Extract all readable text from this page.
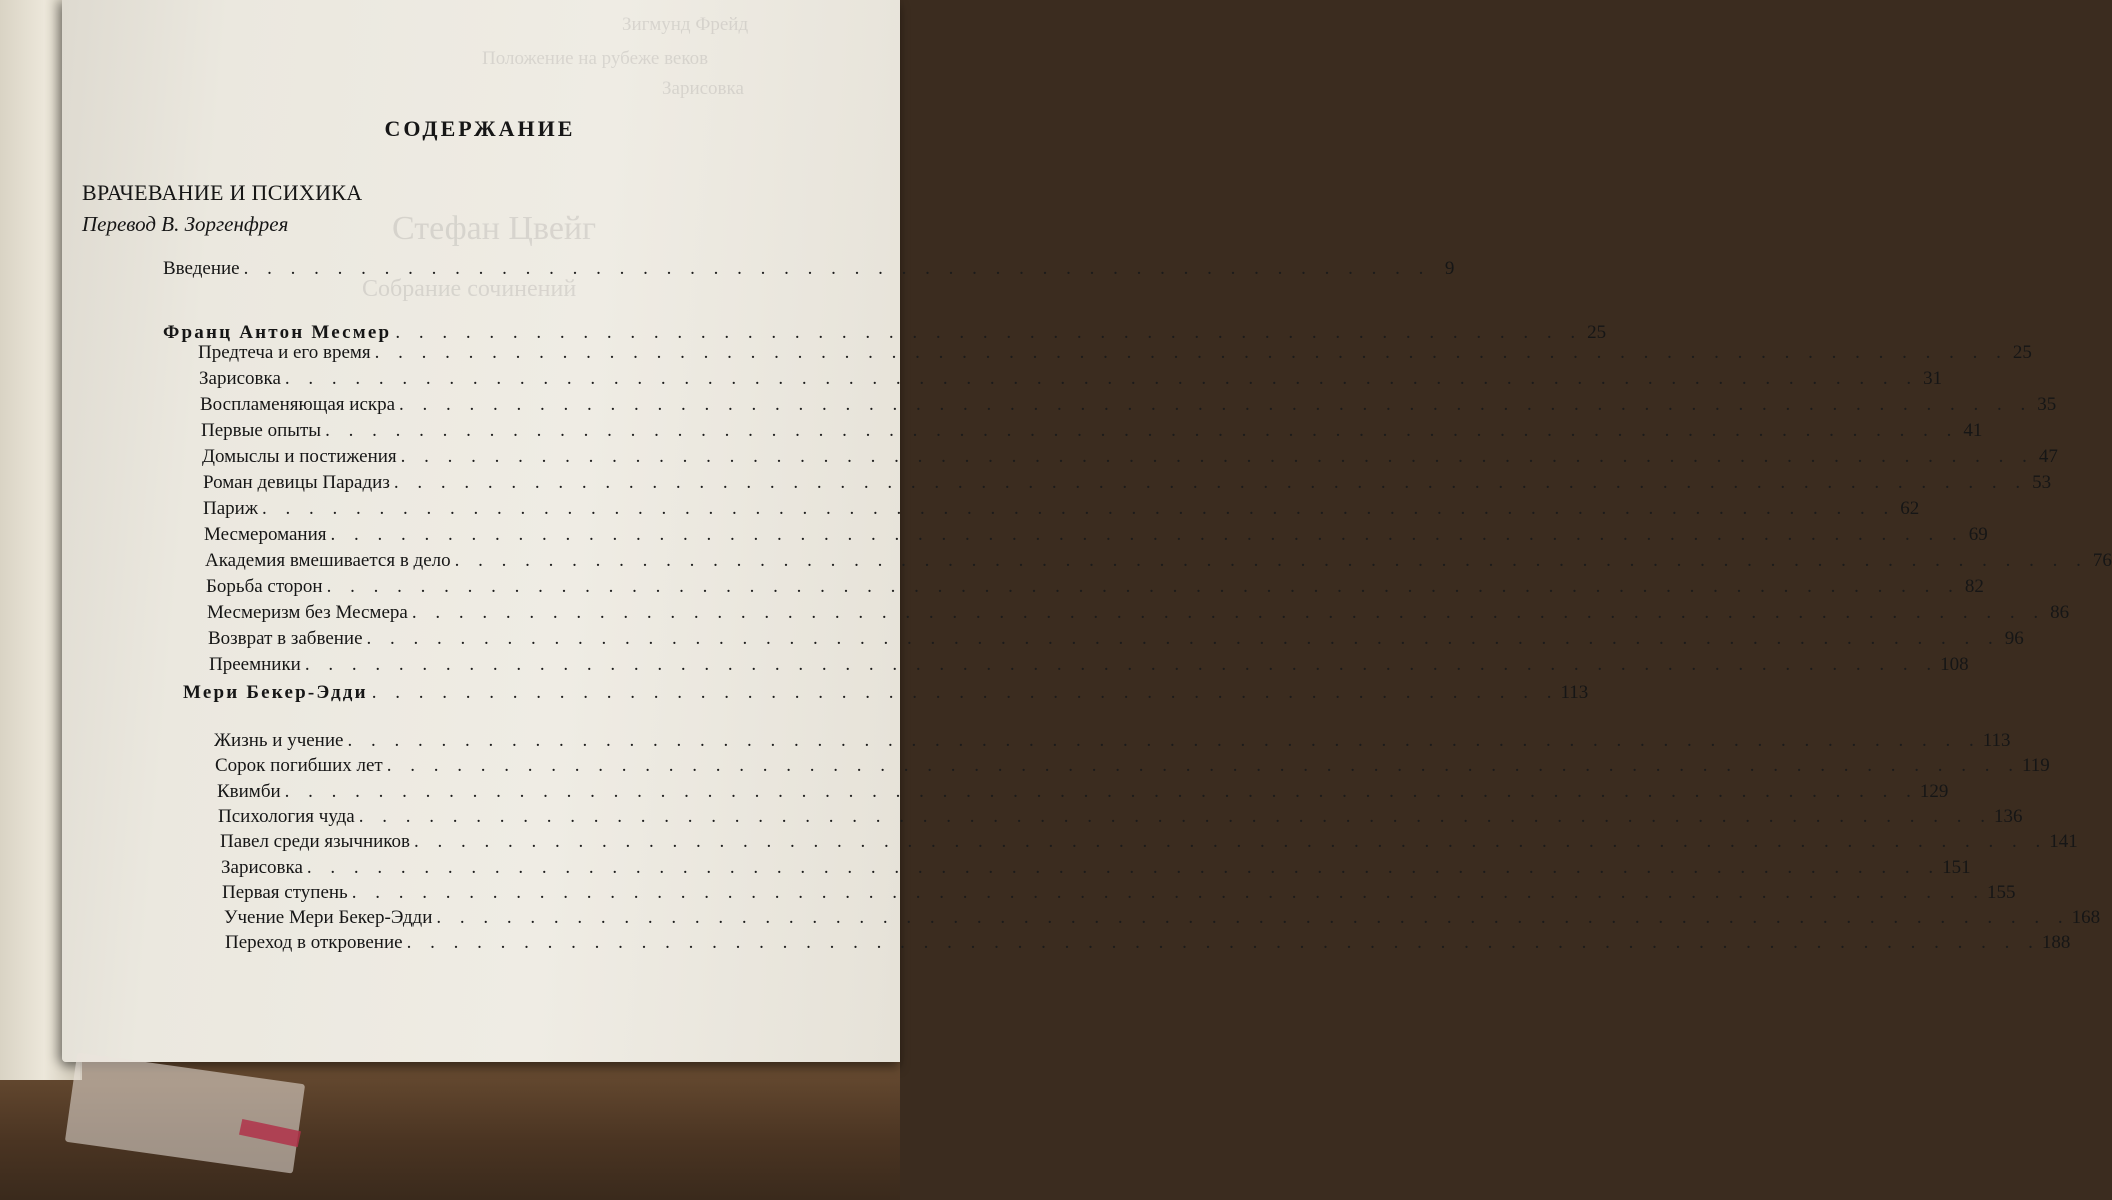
Зигмунд Фрейд
Положение на рубеже веков
Зарисовка
Стефан Цвейг
Собрание сочинений
СОДЕРЖАНИЕ
ВРАЧЕВАНИЕ И ПСИХИКА
Перевод В. Зоргенфрея
Введение . . . . . . . . . . . . . . . . . . . . . . . . . . . . . . . . . . . . . . . . . . . . . . . . . . . 9
Франц Антон Месмер . . . . . . . . . . . . . . . . . . . . . . . . . . . . . . . . . . . . . . . . . . . . . . . . . . . 25
Предтеча и его время . . . . . . . . . . . . . . . . . . . . . . . . . . . . . . . . . . . . . . . . . . . . . . . . . . . . . . . . . . . . . . . . . . . . . . 25
Зарисовка . . . . . . . . . . . . . . . . . . . . . . . . . . . . . . . . . . . . . . . . . . . . . . . . . . . . . . . . . . . . . . . . . . . . . . 31
Воспламеняющая искра . . . . . . . . . . . . . . . . . . . . . . . . . . . . . . . . . . . . . . . . . . . . . . . . . . . . . . . . . . . . . . . . . . . . . . 35
Первые опыты . . . . . . . . . . . . . . . . . . . . . . . . . . . . . . . . . . . . . . . . . . . . . . . . . . . . . . . . . . . . . . . . . . . . . . 41
Домыслы и постижения . . . . . . . . . . . . . . . . . . . . . . . . . . . . . . . . . . . . . . . . . . . . . . . . . . . . . . . . . . . . . . . . . . . . . . 47
Роман девицы Парадиз . . . . . . . . . . . . . . . . . . . . . . . . . . . . . . . . . . . . . . . . . . . . . . . . . . . . . . . . . . . . . . . . . . . . . . 53
Париж . . . . . . . . . . . . . . . . . . . . . . . . . . . . . . . . . . . . . . . . . . . . . . . . . . . . . . . . . . . . . . . . . . . . . . 62
Месмеромания . . . . . . . . . . . . . . . . . . . . . . . . . . . . . . . . . . . . . . . . . . . . . . . . . . . . . . . . . . . . . . . . . . . . . . 69
Академия вмешивается в дело . . . . . . . . . . . . . . . . . . . . . . . . . . . . . . . . . . . . . . . . . . . . . . . . . . . . . . . . . . . . . . . . . . . . . . 76
Борьба сторон . . . . . . . . . . . . . . . . . . . . . . . . . . . . . . . . . . . . . . . . . . . . . . . . . . . . . . . . . . . . . . . . . . . . . . 82
Месмеризм без Месмера . . . . . . . . . . . . . . . . . . . . . . . . . . . . . . . . . . . . . . . . . . . . . . . . . . . . . . . . . . . . . . . . . . . . . . 86
Возврат в забвение . . . . . . . . . . . . . . . . . . . . . . . . . . . . . . . . . . . . . . . . . . . . . . . . . . . . . . . . . . . . . . . . . . . . . . 96
Преемники . . . . . . . . . . . . . . . . . . . . . . . . . . . . . . . . . . . . . . . . . . . . . . . . . . . . . . . . . . . . . . . . . . . . . . 108
Мери Бекер-Эдди . . . . . . . . . . . . . . . . . . . . . . . . . . . . . . . . . . . . . . . . . . . . . . . . . . . 113
Жизнь и учение . . . . . . . . . . . . . . . . . . . . . . . . . . . . . . . . . . . . . . . . . . . . . . . . . . . . . . . . . . . . . . . . . . . . . . 113
Сорок погибших лет . . . . . . . . . . . . . . . . . . . . . . . . . . . . . . . . . . . . . . . . . . . . . . . . . . . . . . . . . . . . . . . . . . . . . . 119
Квимби . . . . . . . . . . . . . . . . . . . . . . . . . . . . . . . . . . . . . . . . . . . . . . . . . . . . . . . . . . . . . . . . . . . . . . 129
Психология чуда . . . . . . . . . . . . . . . . . . . . . . . . . . . . . . . . . . . . . . . . . . . . . . . . . . . . . . . . . . . . . . . . . . . . . . 136
Павел среди язычников . . . . . . . . . . . . . . . . . . . . . . . . . . . . . . . . . . . . . . . . . . . . . . . . . . . . . . . . . . . . . . . . . . . . . . 141
Зарисовка . . . . . . . . . . . . . . . . . . . . . . . . . . . . . . . . . . . . . . . . . . . . . . . . . . . . . . . . . . . . . . . . . . . . . . 151
Первая ступень . . . . . . . . . . . . . . . . . . . . . . . . . . . . . . . . . . . . . . . . . . . . . . . . . . . . . . . . . . . . . . . . . . . . . . 155
Учение Мери Бекер-Эдди . . . . . . . . . . . . . . . . . . . . . . . . . . . . . . . . . . . . . . . . . . . . . . . . . . . . . . . . . . . . . . . . . . . . . . 168
Переход в откровение . . . . . . . . . . . . . . . . . . . . . . . . . . . . . . . . . . . . . . . . . . . . . . . . . . . . . . . . . . . . . . . . . . . . . . 188
